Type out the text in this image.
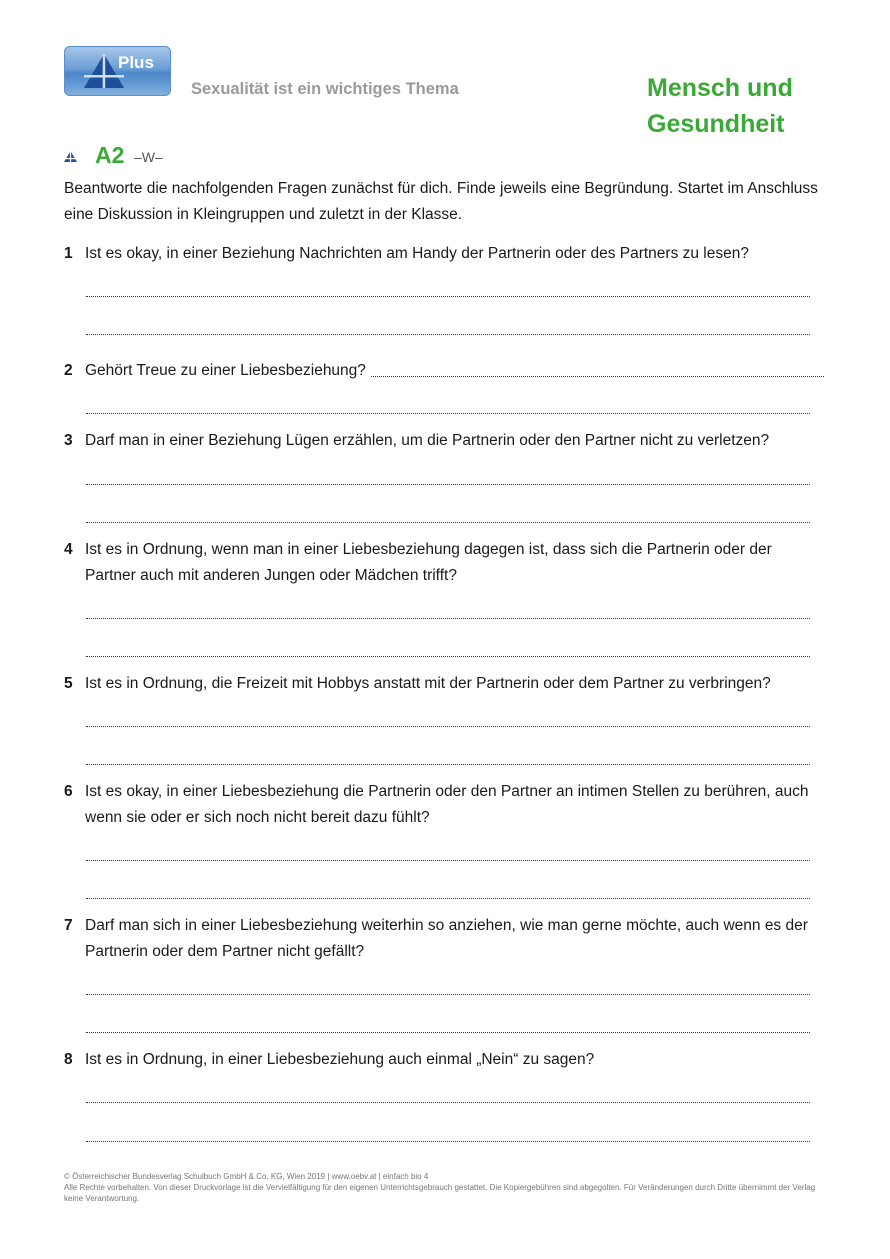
Plus
Sexualität ist ein wichtiges Thema	Mensch und
Gesundheit
A2 –W–
Beantworte die nachfolgenden Fragen zunächst für dich. Finde jeweils eine Begründung. Startet im Anschluss eine Diskussion in Kleingruppen und zuletzt in der Klasse.
1 Ist es okay, in einer Beziehung Nachrichten am Handy der Partnerin oder des Partners zu lesen?
2 Gehört Treue zu einer Liebesbeziehung?
3 Darf man in einer Beziehung Lügen erzählen, um die Partnerin oder den Partner nicht zu verletzen?
4 Ist es in Ordnung, wenn man in einer Liebesbeziehung dagegen ist, dass sich die Partnerin oder der Partner auch mit anderen Jungen oder Mädchen trifft?
5 Ist es in Ordnung, die Freizeit mit Hobbys anstatt mit der Partnerin oder dem Partner zu verbringen?
6 Ist es okay, in einer Liebesbeziehung die Partnerin oder den Partner an intimen Stellen zu berühren, auch wenn sie oder er sich noch nicht bereit dazu fühlt?
7 Darf man sich in einer Liebesbeziehung weiterhin so anziehen, wie man gerne möchte, auch wenn es der Partnerin oder dem Partner nicht gefällt?
8 Ist es in Ordnung, in einer Liebesbeziehung auch einmal „Nein“ zu sagen?
© Österreichischer Bundesverlag Schulbuch GmbH & Co. KG, Wien 2019 | www.oebv.at | einfach bio 4
Alle Rechte vorbehalten. Von dieser Druckvorlage ist die Vervielfältigung für den eigenen Unterrichtsgebrauch gestattet. Die Kopiergebühren sind abgegolten. Für Veränderungen durch Dritte übernimmt der Verlag keine Verantwortung.
